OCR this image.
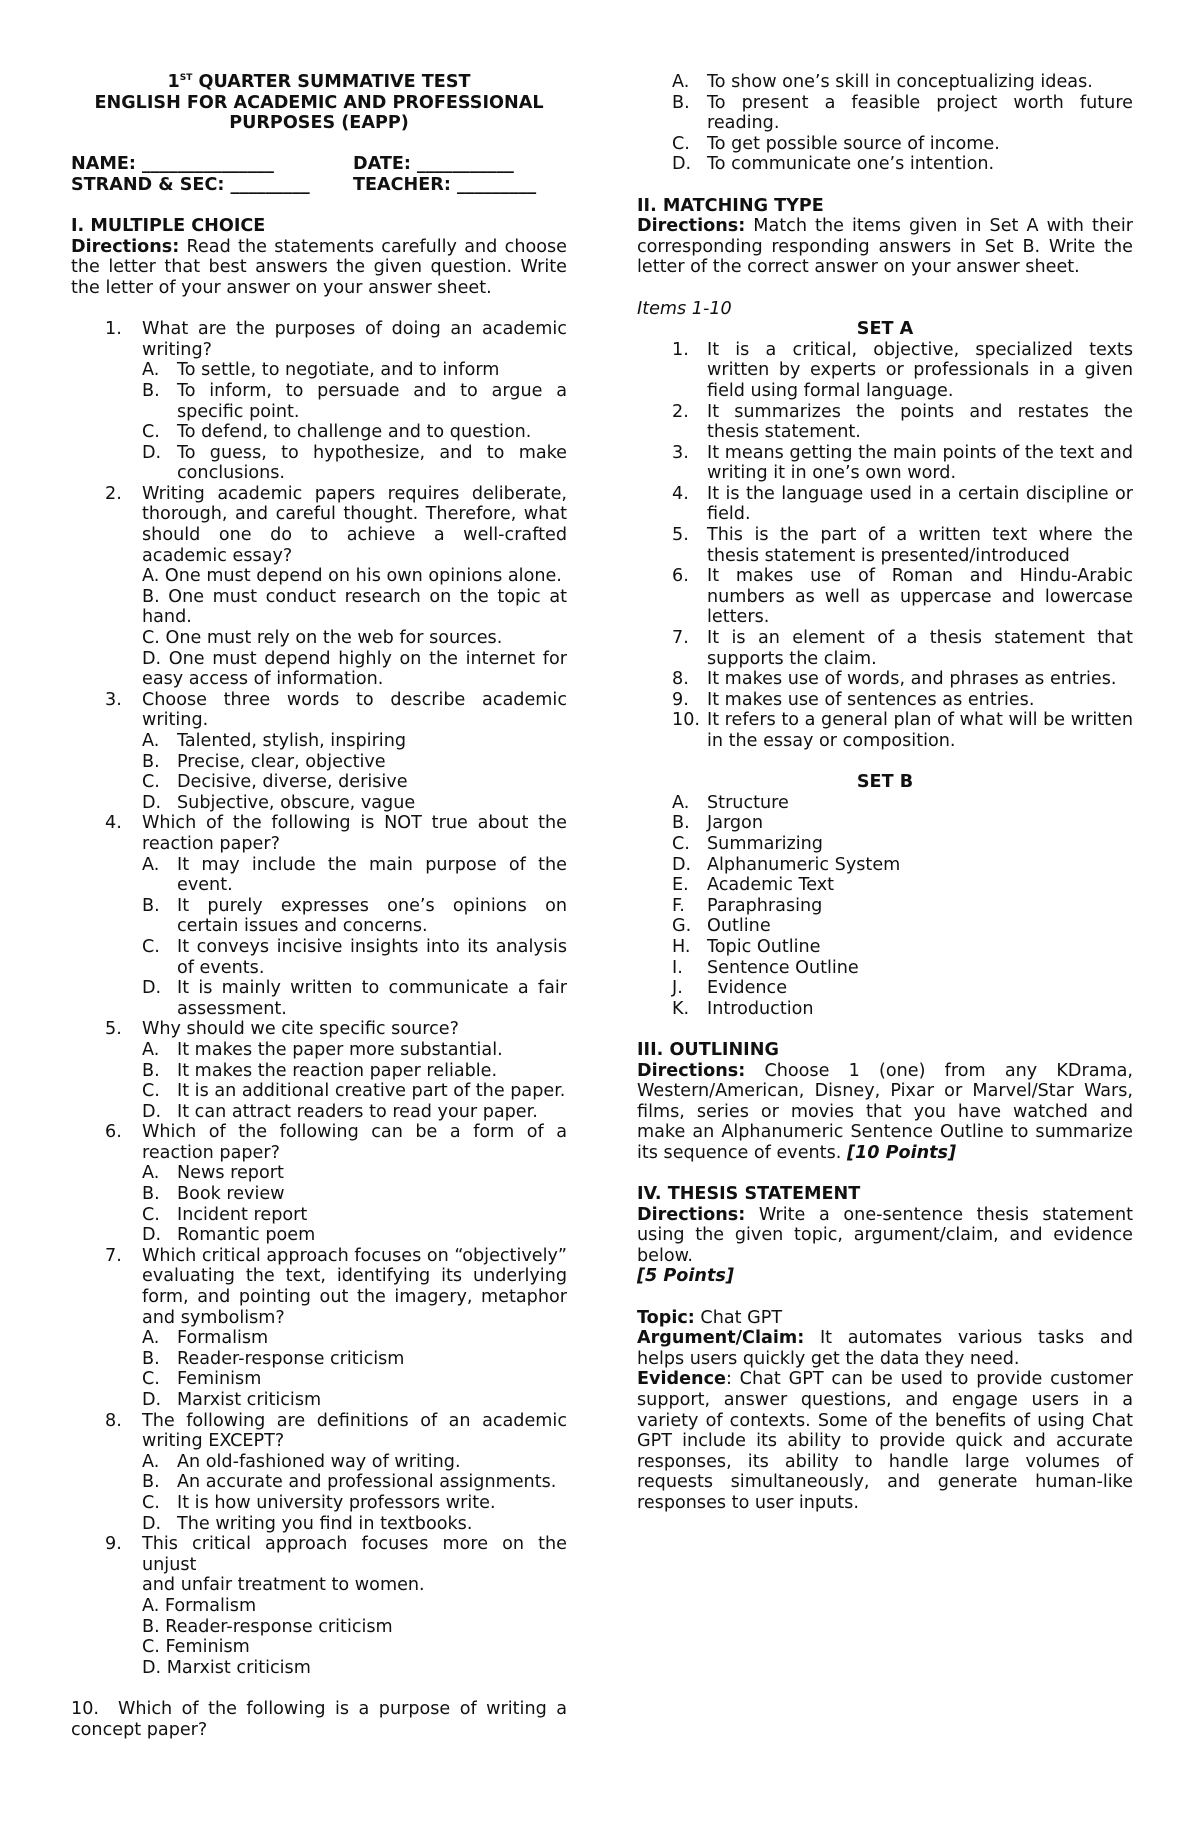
1ST QUARTER SUMMATIVE TEST
ENGLISH FOR ACADEMIC AND PROFESSIONAL
PURPOSES (EAPP)
NAME: _______________	DATE: ___________
STRAND & SEC: _________	TEACHER: _________
I. MULTIPLE CHOICE
Directions: Read the statements carefully and choose the letter that best answers the given question. Write the letter of your answer on your answer sheet.
1. What are the purposes of doing an academic writing?
A. To settle, to negotiate, and to inform
B. To inform, to persuade and to argue a specific point.
C. To defend, to challenge and to question.
D. To guess, to hypothesize, and to make conclusions.
2. Writing academic papers requires deliberate, thorough, and careful thought. Therefore, what should one do to achieve a well-crafted academic essay?
A. One must depend on his own opinions alone.
B. One must conduct research on the topic at hand.
C. One must rely on the web for sources.
D. One must depend highly on the internet for easy access of information.
3. Choose three words to describe academic writing.
A. Talented, stylish, inspiring
B. Precise, clear, objective
C. Decisive, diverse, derisive
D. Subjective, obscure, vague
4. Which of the following is NOT true about the reaction paper?
A. It may include the main purpose of the event.
B. It purely expresses one’s opinions on certain issues and concerns.
C. It conveys incisive insights into its analysis of events.
D. It is mainly written to communicate a fair assessment.
5. Why should we cite specific source?
A. It makes the paper more substantial.
B. It makes the reaction paper reliable.
C. It is an additional creative part of the paper.
D. It can attract readers to read your paper.
6. Which of the following can be a form of a reaction paper?
A. News report
B. Book review
C. Incident report
D. Romantic poem
7. Which critical approach focuses on “objectively” evaluating the text, identifying its underlying form, and pointing out the imagery, metaphor and symbolism?
A. Formalism
B. Reader-response criticism
C. Feminism
D. Marxist criticism
8. The following are definitions of an academic writing EXCEPT?
A. An old-fashioned way of writing.
B. An accurate and professional assignments.
C. It is how university professors write.
D. The writing you find in textbooks.
9. This critical approach focuses more on the unjust
and unfair treatment to women.
A. Formalism
B. Reader-response criticism
C. Feminism
D. Marxist criticism
10. Which of the following is a purpose of writing a concept paper?
A. To show one’s skill in conceptualizing ideas.
B. To present a feasible project worth future reading.
C. To get possible source of income.
D. To communicate one’s intention.
II. MATCHING TYPE
Directions: Match the items given in Set A with their corresponding responding answers in Set B. Write the letter of the correct answer on your answer sheet.
Items 1-10
SET A
1. It is a critical, objective, specialized texts written by experts or professionals in a given field using formal language.
2. It summarizes the points and restates the thesis statement.
3. It means getting the main points of the text and writing it in one’s own word.
4. It is the language used in a certain discipline or field.
5. This is the part of a written text where the thesis statement is presented/introduced
6. It makes use of Roman and Hindu-Arabic numbers as well as uppercase and lowercase letters.
7. It is an element of a thesis statement that supports the claim.
8. It makes use of words, and phrases as entries.
9. It makes use of sentences as entries.
10. It refers to a general plan of what will be written in the essay or composition.
SET B
A. Structure
B. Jargon
C. Summarizing
D. Alphanumeric System
E. Academic Text
F. Paraphrasing
G. Outline
H. Topic Outline
I. Sentence Outline
J. Evidence
K. Introduction
III. OUTLINING
Directions: Choose 1 (one) from any KDrama, Western/American, Disney, Pixar or Marvel/Star Wars, films, series or movies that you have watched and make an Alphanumeric Sentence Outline to summarize its sequence of events. [10 Points]
IV. THESIS STATEMENT
Directions: Write a one-sentence thesis statement using the given topic, argument/claim, and evidence below.
[5 Points]
Topic: Chat GPT
Argument/Claim: It automates various tasks and helps users quickly get the data they need.
Evidence: Chat GPT can be used to provide customer support, answer questions, and engage users in a variety of contexts. Some of the benefits of using Chat GPT include its ability to provide quick and accurate responses, its ability to handle large volumes of requests simultaneously, and generate human-like responses to user inputs.
